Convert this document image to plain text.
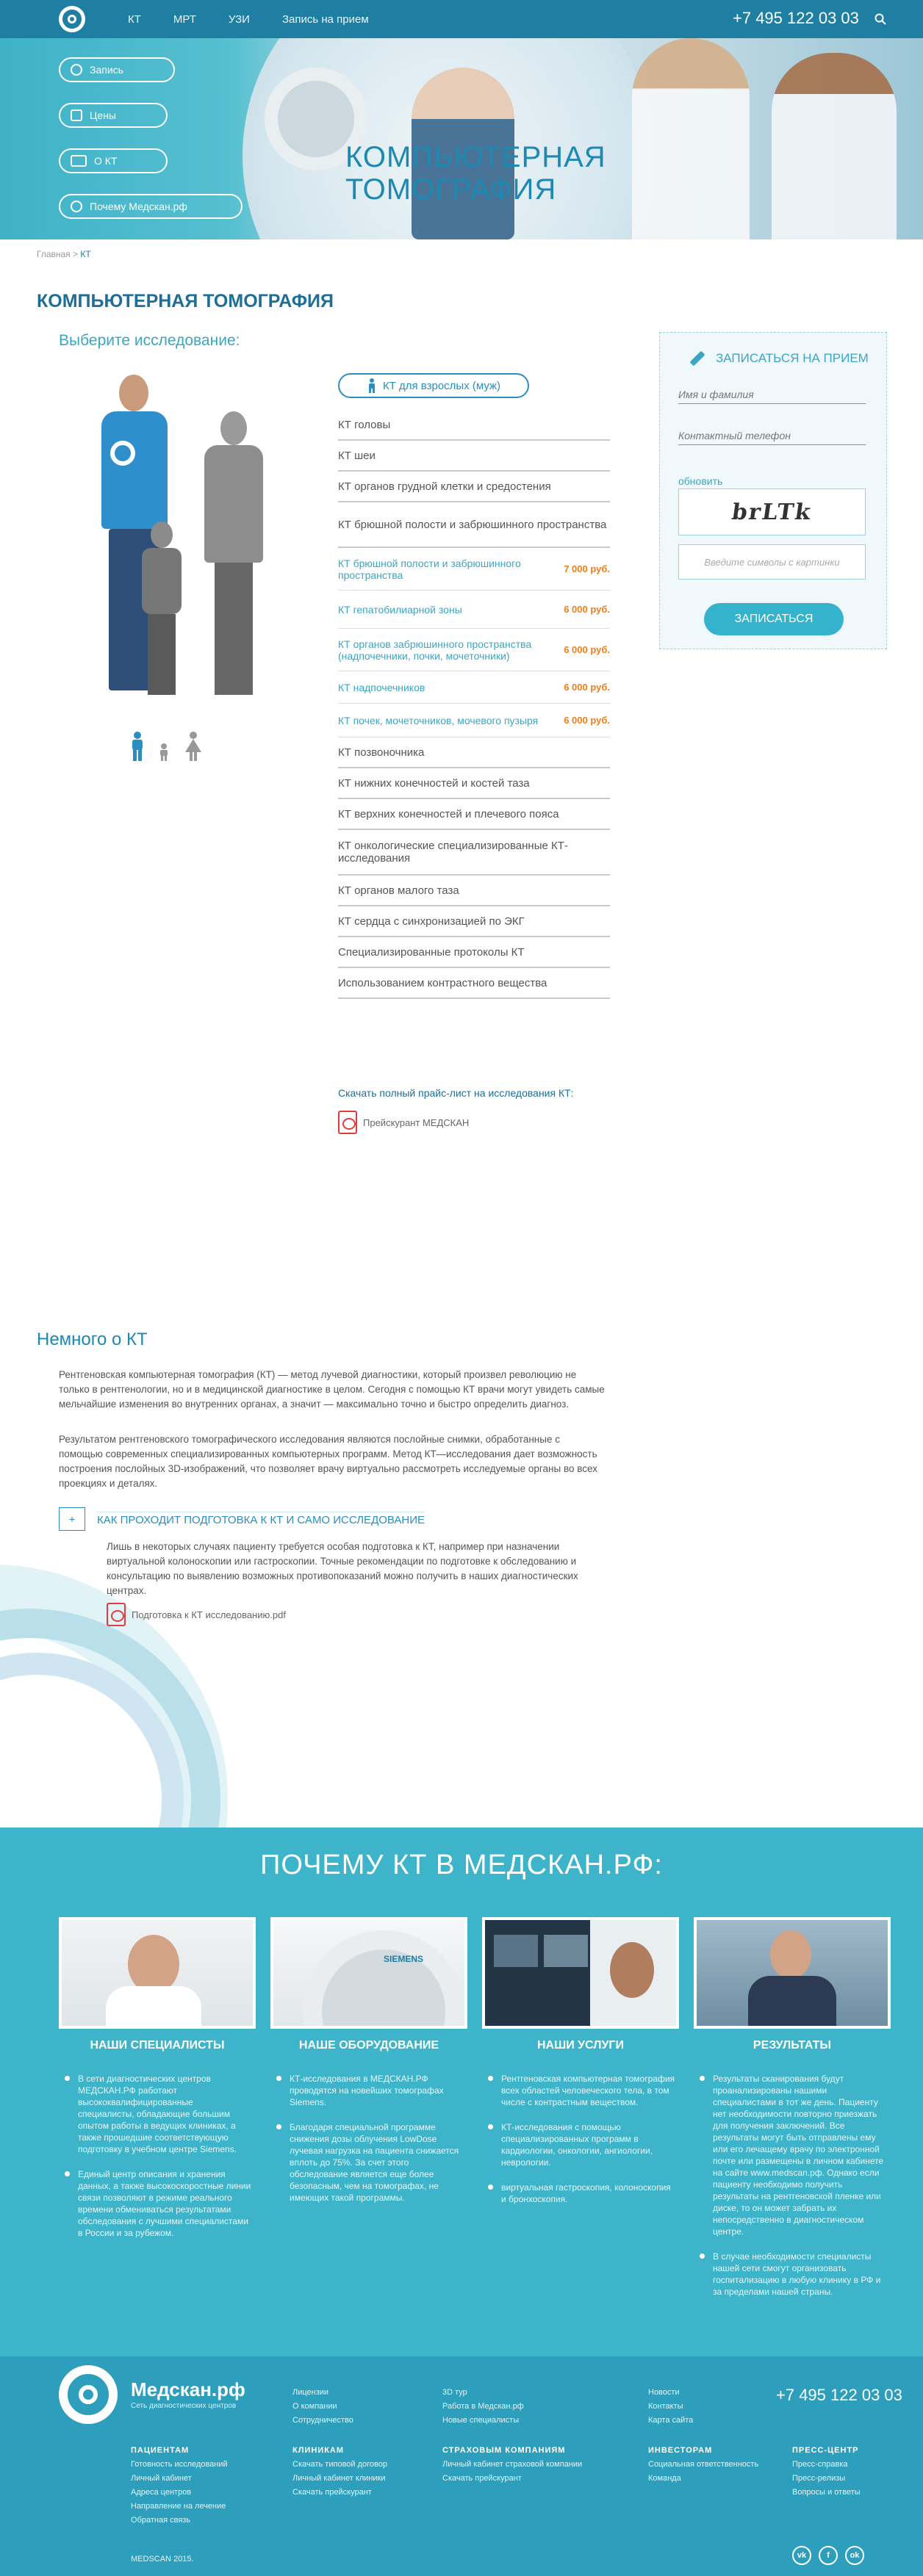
КТ	МРТ	УЗИ	Запись на прием	+7 495 122 03 03
КОМПЬЮТЕРНАЯ
ТОМОГРАФИЯ
Запись
Цены
О КТ
Почему Медскан.рф
Главная > КТ
КОМПЬЮТЕРНАЯ ТОМОГРАФИЯ
Выберите исследование:
КТ для взрослых (муж)
КТ головы
КТ шеи
КТ органов грудной клетки и средостения
КТ брюшной полости и забрюшинного пространства
КТ брюшной полости и забрюшинного пространства	7 000 руб.
КТ гепатобилиарной зоны	6 000 руб.
КТ органов забрюшинного пространства (надпочечники, почки, мочеточники)	6 000 руб.
КТ надпочечников	6 000 руб.
КТ почек, мочеточников, мочевого пузыря	6 000 руб.
КТ позвоночника
КТ нижних конечностей и костей таза
КТ верхних конечностей и плечевого пояса
КТ онкологические специализированные КТ-исследования
КТ органов малого таза
КТ сердца с синхронизацией по ЭКГ
Специализированные протоколы КТ
Использованием контрастного вещества
Скачать полный прайс-лист на исследования КТ:
Прейскурант МЕДСКАН
ЗАПИСАТЬСЯ НА ПРИЕМ
Имя и фамилия
Контактный телефон
обновить
brLTk
Введите символы с картинки
ЗАПИСАТЬСЯ
Немного о КТ
Рентгеновская компьютерная томография (КТ) — метод лучевой диагностики, который произвел революцию не только в рентгенологии, но и в медицинской диагностике в целом. Сегодня с помощью КТ врачи могут увидеть самые мельчайшие изменения во внутренних органах, а значит — максимально точно и быстро определить диагноз.
Результатом рентгеновского томографического исследования являются послойные снимки, обработанные с помощью современных специализированных компьютерных программ. Метод КТ—исследования дает возможность построения послойных 3D-изображений, что позволяет врачу виртуально рассмотреть исследуемые органы во всех проекциях и деталях.
+	КАК ПРОХОДИТ ПОДГОТОВКА К КТ И САМО ИССЛЕДОВАНИЕ
Лишь в некоторых случаях пациенту требуется особая подготовка к КТ, например при назначении виртуальной колоноскопии или гастроскопии. Точные рекомендации по подготовке к обследованию и консультацию по выявлению возможных противопоказаний можно получить в наших диагностических центрах.
Подготовка к КТ исследованию.pdf
ПОЧЕМУ КТ В МЕДСКАН.РФ:
НАШИ СПЕЦИАЛИСТЫ
В сети диагностических центров МЕДСКАН.РФ работают высококвалифицированные специалисты, обладающие большим опытом работы в ведущих клиниках, а также прошедшие соответствующую подготовку в учебном центре Siemens.
Единый центр описания и хранения данных, а также высокоскоростные линии связи позволяют в режиме реального времени обмениваться результатами обследования с лучшими специалистами в России и за рубежом.
SIEMENS
НАШЕ ОБОРУДОВАНИЕ
КТ-исследования в МЕДСКАН.РФ проводятся на новейших томографах Siemens.
Благодаря специальной программе снижения дозы облучения LowDose лучевая нагрузка на пациента снижается вплоть до 75%. За счет этого обследование является еще более безопасным, чем на томографах, не имеющих такой программы.
НАШИ УСЛУГИ
Рентгеновская компьютерная томография всех областей человеческого тела, в том числе с контрастным веществом.
КТ-исследования с помощью специализированных программ в кардиологии, онкологии, ангиологии, неврологии.
виртуальная гастроскопия, колоноскопия и бронхоскопия.
РЕЗУЛЬТАТЫ
Результаты сканирования будут проанализированы нашими специалистами в тот же день. Пациенту нет необходимости повторно приезжать для получения заключений. Все результаты могут быть отправлены ему или его лечащему врачу по электронной почте или размещены в личном кабинете на сайте www.medscan.pф. Однако если пациенту необходимо получить результаты на рентгеновской пленке или диске, то он может забрать их непосредственно в диагностическом центре.
В случае необходимости специалисты нашей сети смогут организовать госпитализацию в любую клинику в РФ и за пределами нашей страны.
Медскан.рф
Сеть диагностических центров
Лицензии
О компании
Сотрудничество
3D тур
Работа в Медскан.рф
Новые специалисты
Новости
Контакты
Карта сайта
+7 495 122 03 03
ПАЦИЕНТАМ
Готовность исследований
Личный кабинет
Адреса центров
Направление на лечение
Обратная связь
КЛИНИКАМ
Скачать типовой договор
Личный кабинет клиники
Скачать прейскурант
СТРАХОВЫМ КОМПАНИЯМ
Личный кабинет страховой компании
Скачать прейскурант
ИНВЕСТОРАМ
Социальная ответственность
Команда
ПРЕСС-ЦЕНТР
Пресс-справка
Пресс-релизы
Вопросы и ответы
MEDSCAN 2015.	vk	f	ok
